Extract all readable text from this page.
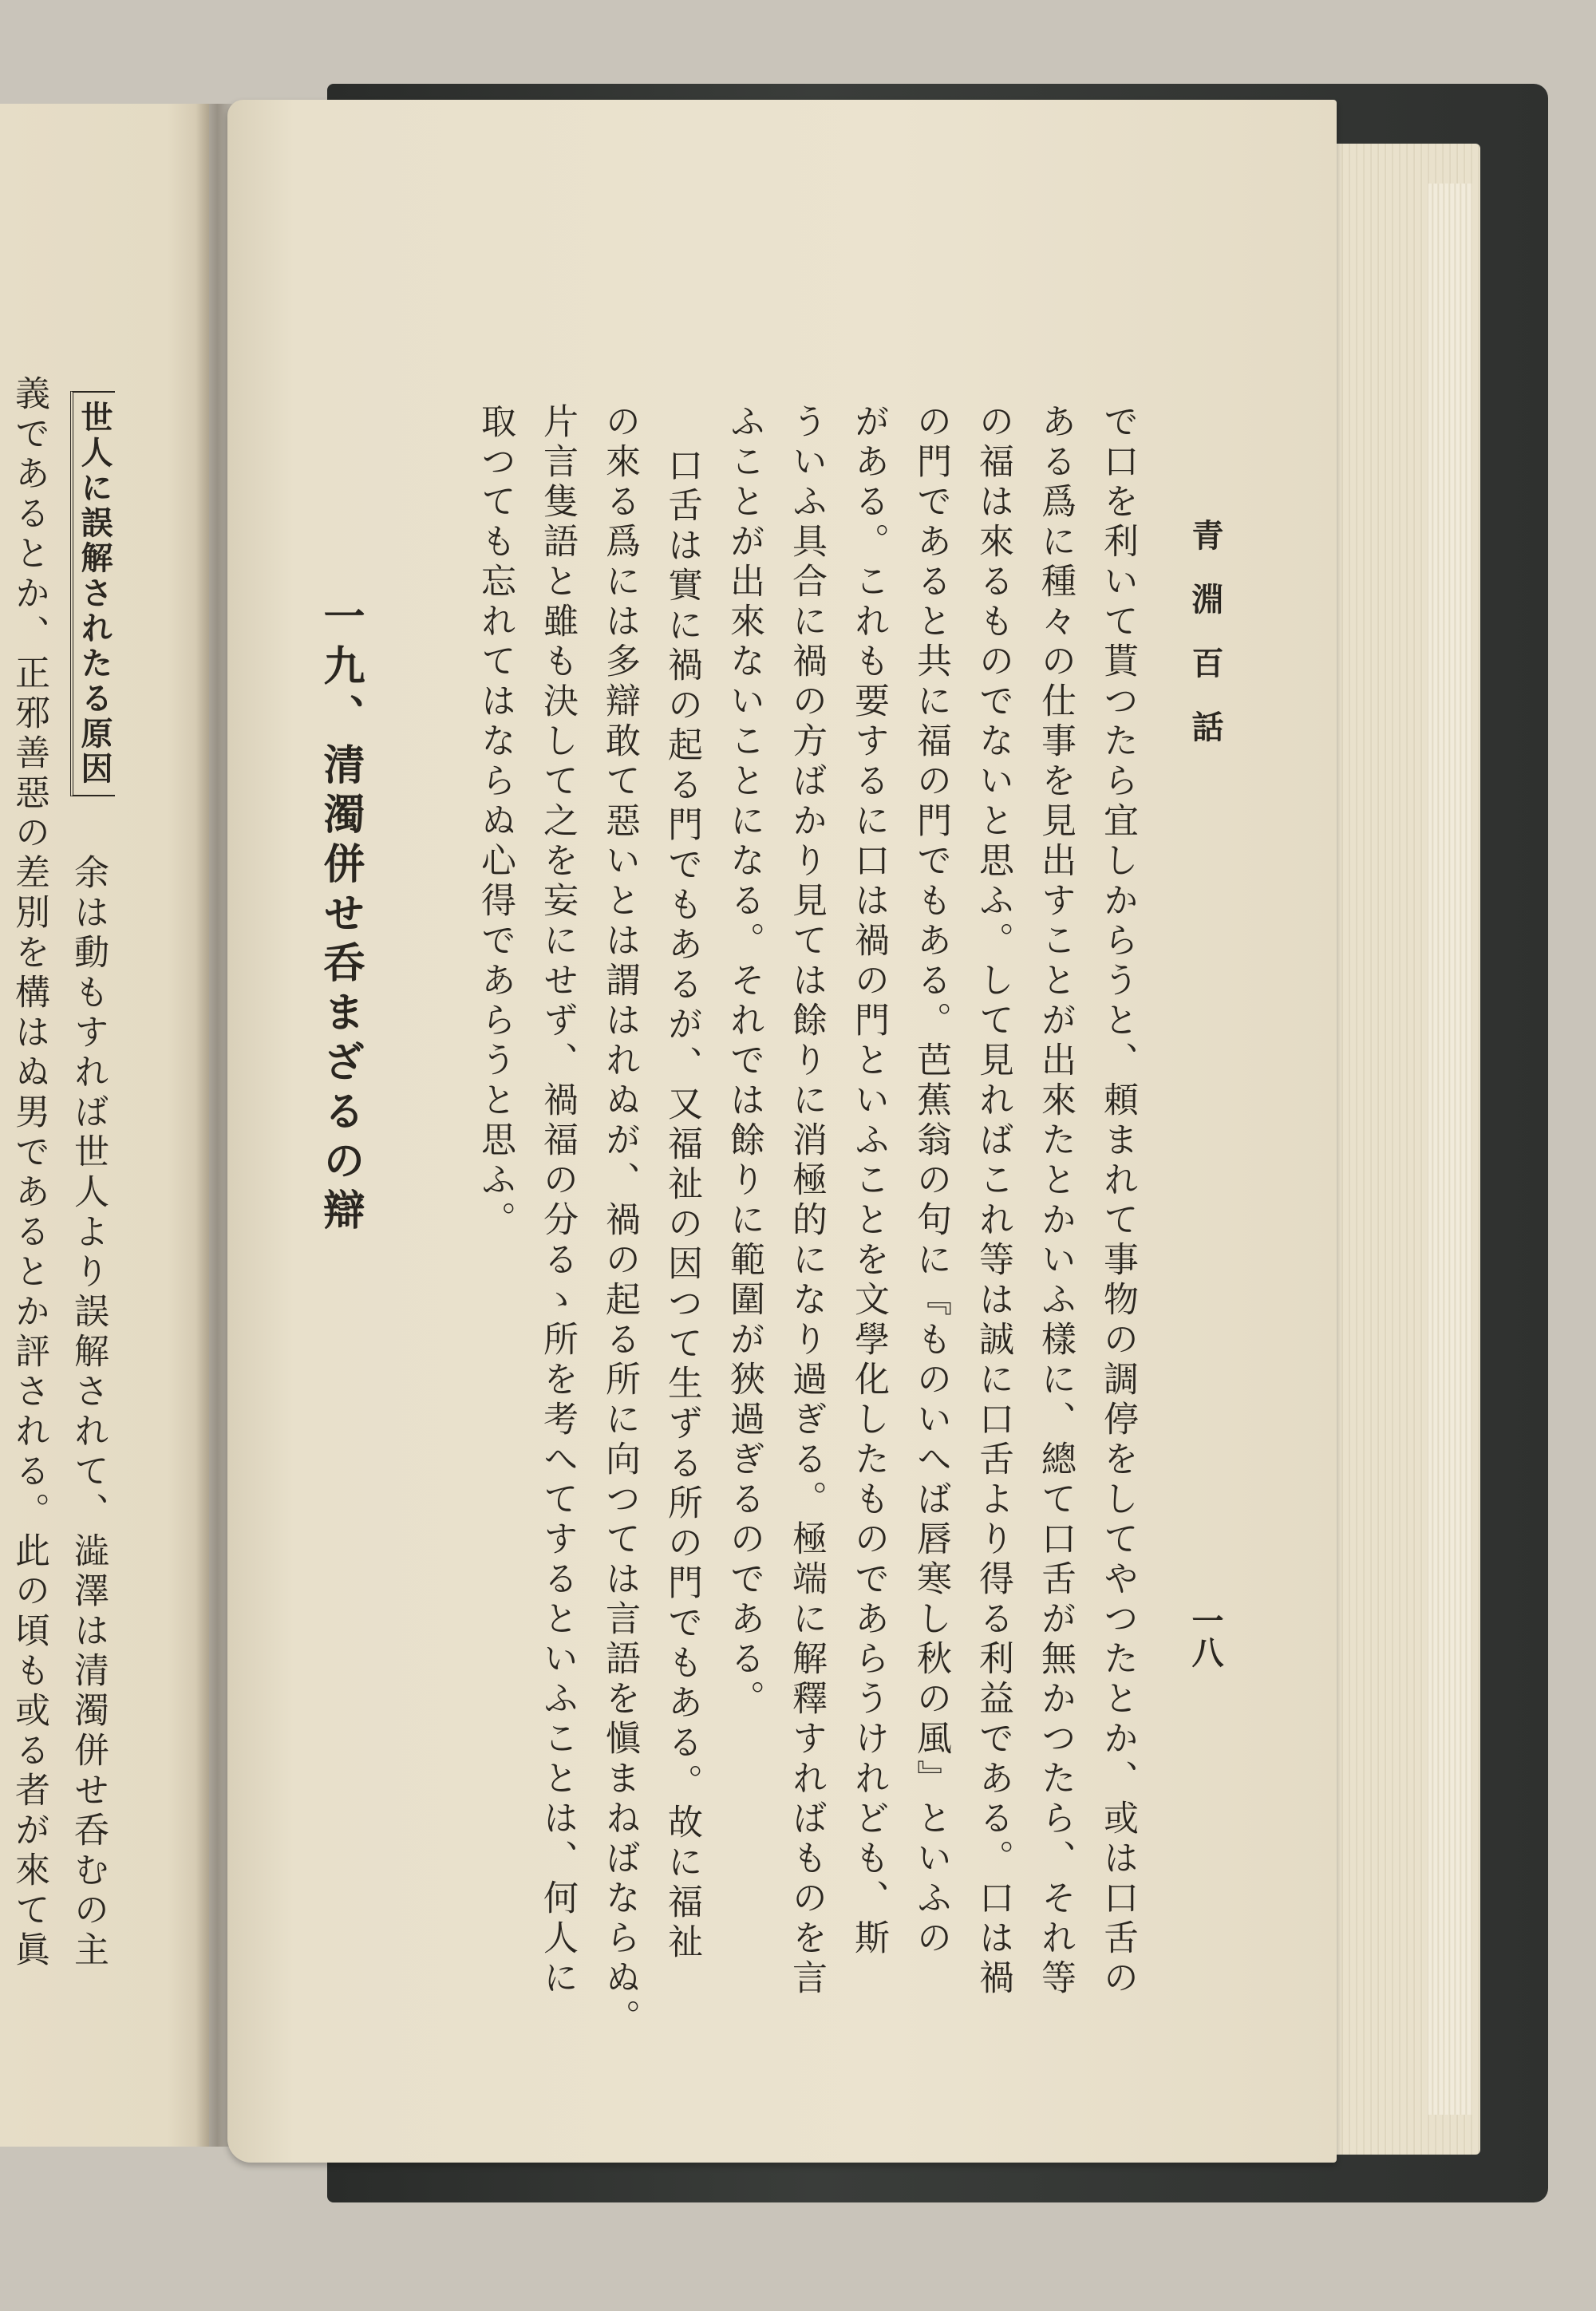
世人に誤解されたる原因
余は動もすれば世人より誤解されて、澁澤は清濁併せ呑むの主
義であるとか、正邪善惡の差別を構はぬ男であるとか評される。此の頃も或る者が來て眞	青淵百話
一八
で口を利いて貰つたら宜しからうと、頼まれて事物の調停をしてやつたとか、或は口舌の
ある爲に種々の仕事を見出すことが出來たとかいふ樣に、總て口舌が無かつたら、それ等
の福は來るものでないと思ふ。して見ればこれ等は誠に口舌より得る利益である。口は禍
の門であると共に福の門でもある。芭蕉翁の句に『ものいへば唇寒し秋の風』といふの
がある。これも要するに口は禍の門といふことを文學化したものであらうけれども、斯
ういふ具合に禍の方ばかり見ては餘りに消極的になり過ぎる。極端に解釋すればものを言
ふことが出來ないことになる。それでは餘りに範圍が狹過ぎるのである。
口舌は實に禍の起る門でもあるが、又福祉の因つて生ずる所の門でもある。故に福祉
の來る爲には多辯敢て惡いとは謂はれぬが、禍の起る所に向つては言語を愼まねばならぬ。
片言隻語と雖も決して之を妄にせず、禍福の分るゝ所を考へてするといふことは、何人に
取つても忘れてはならぬ心得であらうと思ふ。
一九、清濁併せ呑まざるの辯
